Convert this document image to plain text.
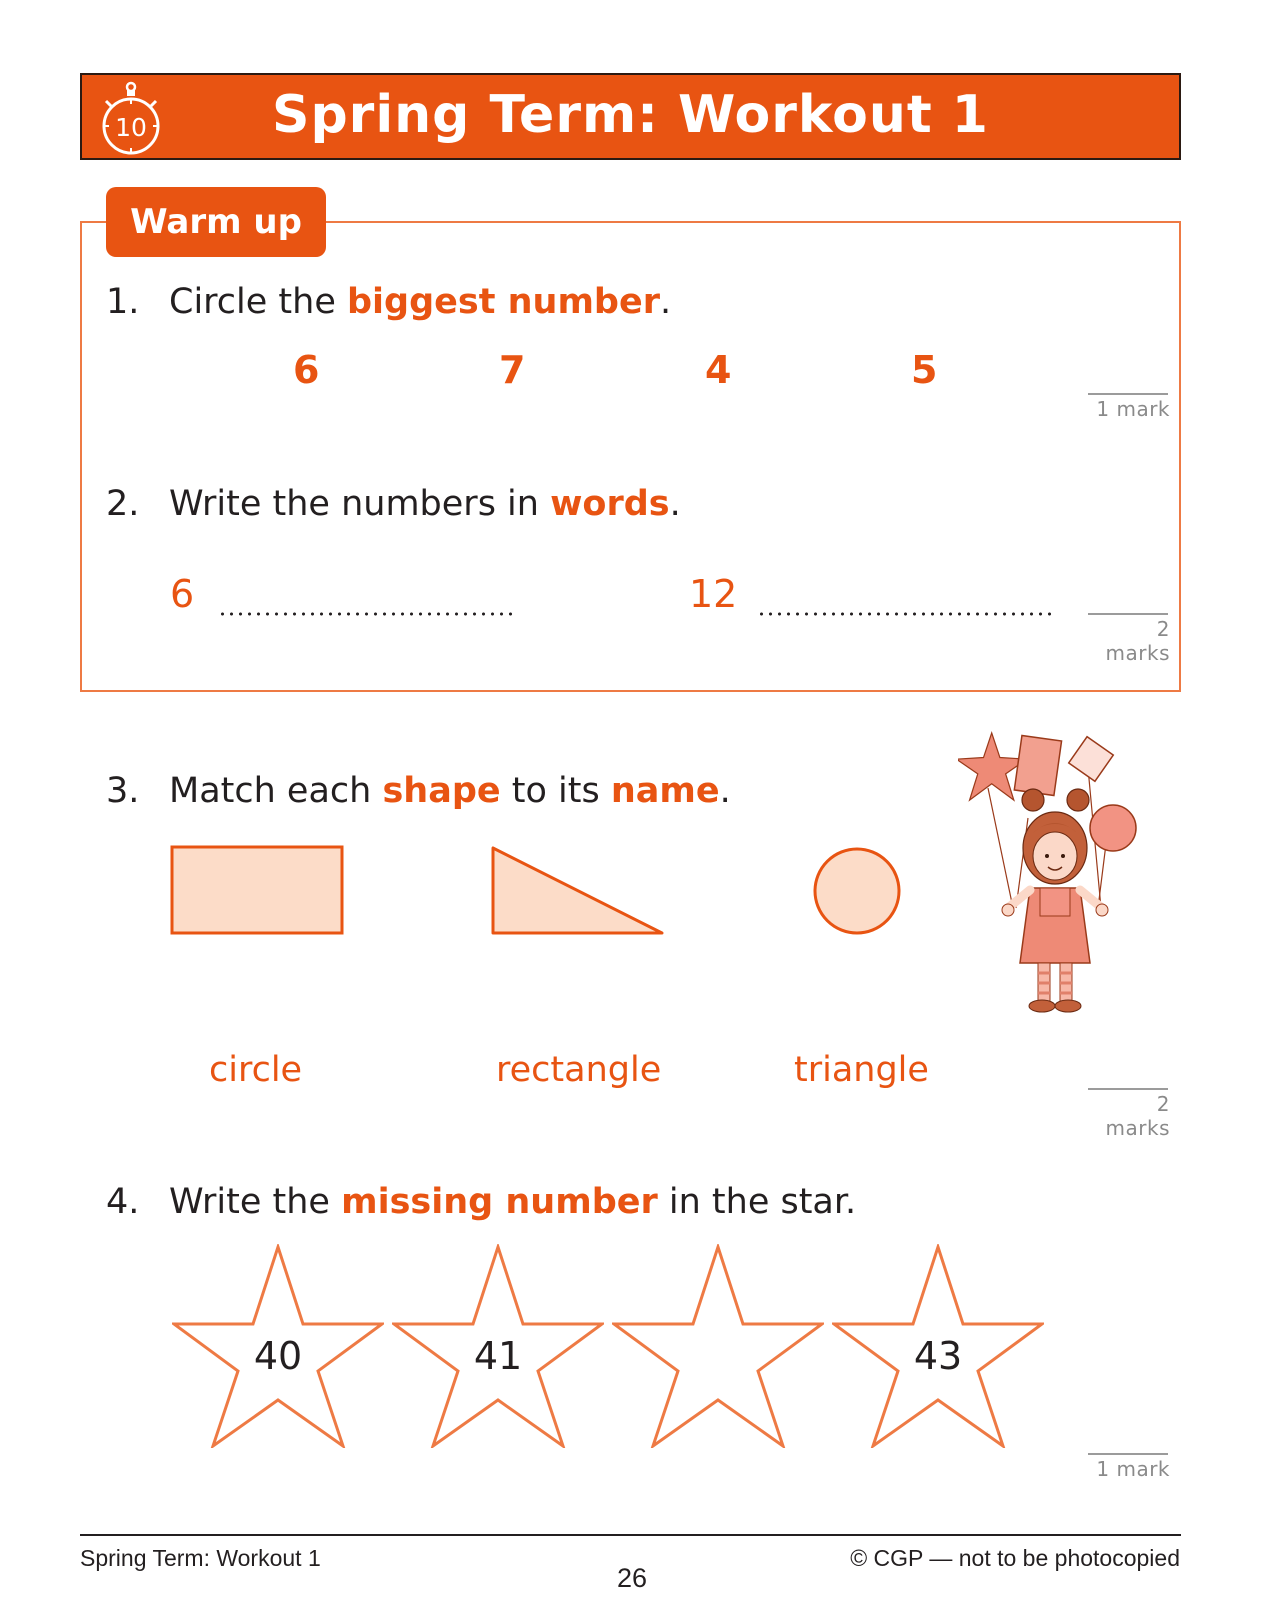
10	Spring Term: Workout 1
Warm up
1. Circle the biggest number.
6	7	4	5
1 mark
2. Write the numbers in words.
6	12
2 marks
3. Match each shape to its name.
circle	rectangle	triangle
2 marks
4. Write the missing number in the star.
40	41	43
1 mark
Spring Term: Workout 1	© CGP — not to be photocopied
26
